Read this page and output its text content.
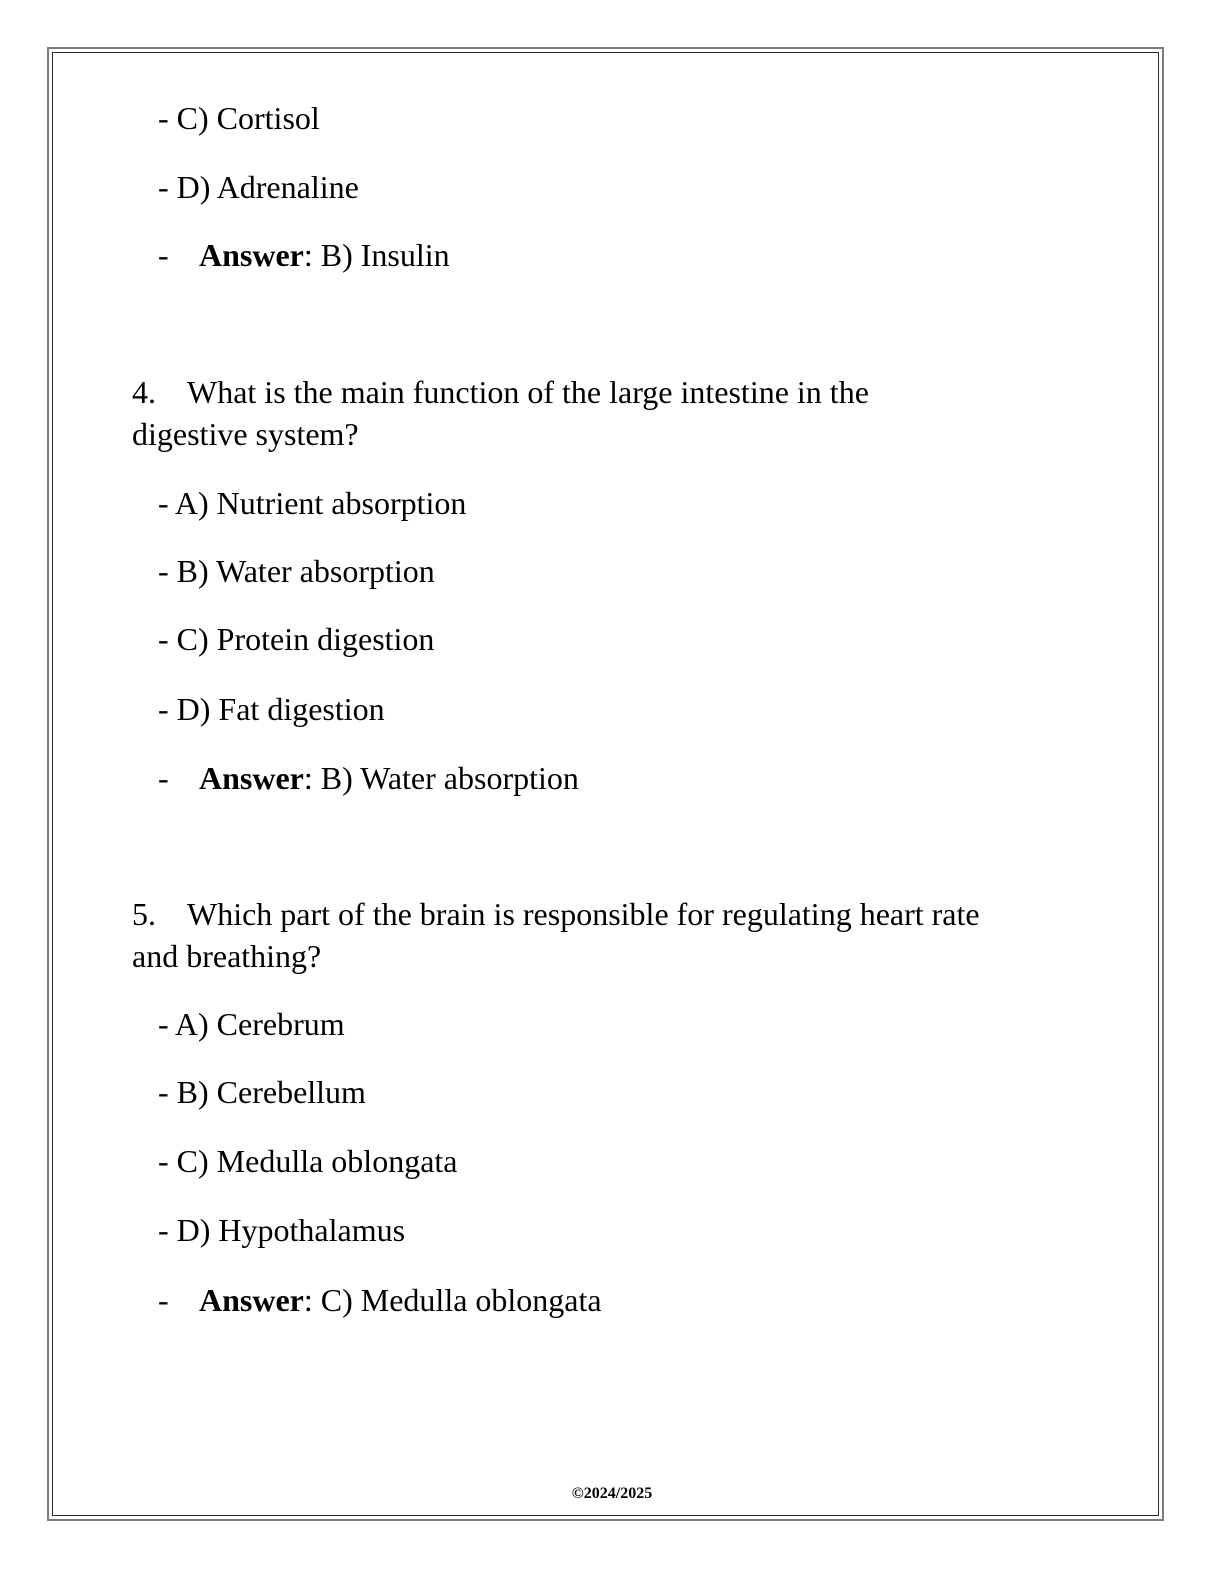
- C) Cortisol
- D) Adrenaline
- Answer: B) Insulin
4. What is the main function of the large intestine in the
digestive system?
- A) Nutrient absorption
- B) Water absorption
- C) Protein digestion
- D) Fat digestion
- Answer: B) Water absorption
5. Which part of the brain is responsible for regulating heart rate
and breathing?
- A) Cerebrum
- B) Cerebellum
- C) Medulla oblongata
- D) Hypothalamus
- Answer: C) Medulla oblongata
©2024/2025
